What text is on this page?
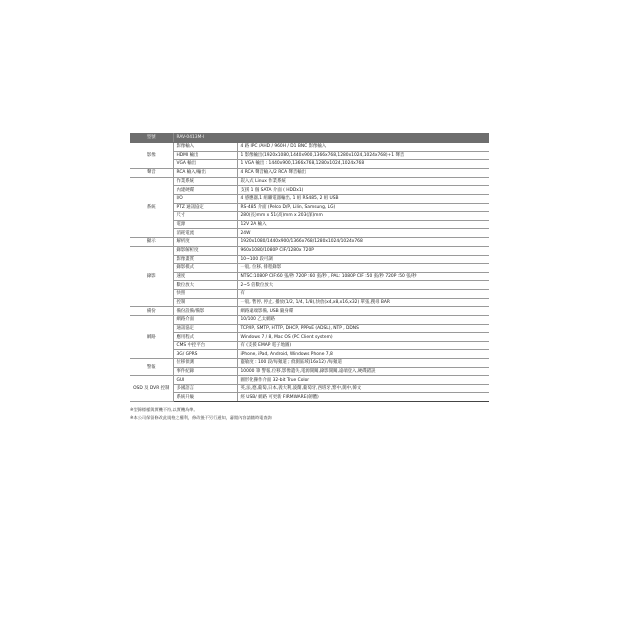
型號	RAV-0413M-I	
影像	影像輸入	4 路 IPC /AHD / 960H / D1 BNC 影像輸入
	HDMI 輸出	1 影像輸出(1920x1080,1440x900,1366x768,1280x1024,1024x768)+1 聲音
	VGA 輸出	1 VGA 輸出 : 1440x900,1366x768,1280x1024,1024x768
聲音	RCA 輸入/輸出	4 RCA 聲音輸入/2 RCA 聲音輸出
系統	作業系統	崁入式 Linux 作業系統
	內建硬碟	支援 1 個 SATA 介面 ( HDDx1)
	I/O	4 感應器,1 組繼電器輸出, 1 組 RS485, 2 組 USB
	PTZ 通訊協定	RS-485 介面 (Pelco D/P, Lilin, Samsung, LG)
	尺寸	280(長)mm x 51(高)mm x 203(深)mm
	電源	12V 2A 輸入
	消耗電流	24W
顯示	解析度	1920x1080/1440x900/1366x768/1280x1024/1024x768
錄影	錄影解析度	960x1080/1080P CIF/1280x 720P
	影像畫質	10~100 段可調
	錄影模式	一般, 位移, 排程錄影
	速度	NTSC:1080P CIF:60 張/秒 720P :60 張/秒 , PAL: 1080P CIF :50 張/秒 720P :50 張/秒
	數位放大	2~5 倍數位放大
	快照	有
	控制	一般, 暫停, 停止, 播放(1/2, 1/4, 1/8),快放(x4,x8,x16,x32) 單張,搜尋 BAR
備份	備份設備/備影	網路遠端影備, USB 隨身碟
網路	網路介面	10/100 乙太網路
	通訊協定	TCP/IP, SMTP, HTTP, DHCP, PPPoE (ADSL), NTP , DDNS
	應用程式	Windows 7 / 8, Mac OS (PC Client system)
	CMS 中控平台	有 (支援 EMAP 電子地圖)
	3G/ GPRS	iPhone, iPad, Android, Windows Phone 7,8
警報	位移偵測	靈敏度 : 100 段/每頻道 ; 偵測區域(16x12) /每頻道
	事件紀錄	10000 筆 警報,位移,影像遺失,電源開關,錄影開關,遠端登入,硬碟錯誤
OSD 及 DVR 控制	GUI	圖形化操作介面 32-bit True Color
	多國語言	英,法,德,葡萄,日本,義大利,波蘭,葡萄牙,西班牙,繁中,簡中,韓文
	系統升級	經 USB/ 網路 可更新 FIRMWARE(韌體)
※型錄標樣與實機不符,以實機為準。
※本公司保留修改此規格之權利，修改後不另行通知，審閱內容請隨時電查詢
